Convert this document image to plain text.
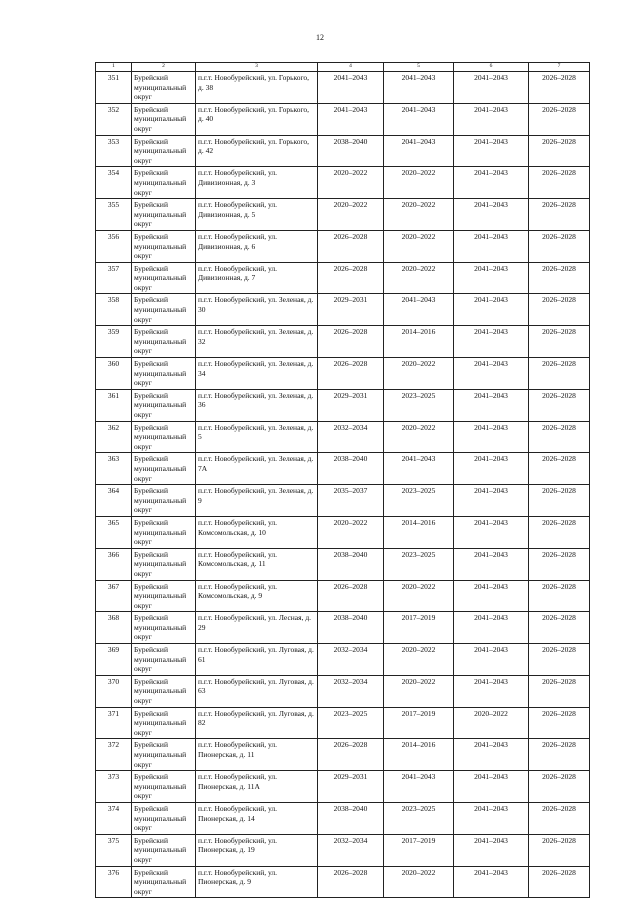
12
1	2	3	4	5	6	7
351	Бурейский муниципальный округ	п.г.т. Новобурейский, ул. Горького, д. 38	2041–2043	2041–2043	2041–2043	2026–2028
352	Бурейский муниципальный округ	п.г.т. Новобурейский, ул. Горького, д. 40	2041–2043	2041–2043	2041–2043	2026–2028
353	Бурейский муниципальный округ	п.г.т. Новобурейский, ул. Горького, д. 42	2038–2040	2041–2043	2041–2043	2026–2028
354	Бурейский муниципальный округ	п.г.т. Новобурейский, ул. Дивизионная, д. 3	2020–2022	2020–2022	2041–2043	2026–2028
355	Бурейский муниципальный округ	п.г.т. Новобурейский, ул. Дивизионная, д. 5	2020–2022	2020–2022	2041–2043	2026–2028
356	Бурейский муниципальный округ	п.г.т. Новобурейский, ул. Дивизионная, д. 6	2026–2028	2020–2022	2041–2043	2026–2028
357	Бурейский муниципальный округ	п.г.т. Новобурейский, ул. Дивизионная, д. 7	2026–2028	2020–2022	2041–2043	2026–2028
358	Бурейский муниципальный округ	п.г.т. Новобурейский, ул. Зеленая, д. 30	2029–2031	2041–2043	2041–2043	2026–2028
359	Бурейский муниципальный округ	п.г.т. Новобурейский, ул. Зеленая, д. 32	2026–2028	2014–2016	2041–2043	2026–2028
360	Бурейский муниципальный округ	п.г.т. Новобурейский, ул. Зеленая, д. 34	2026–2028	2020–2022	2041–2043	2026–2028
361	Бурейский муниципальный округ	п.г.т. Новобурейский, ул. Зеленая, д. 36	2029–2031	2023–2025	2041–2043	2026–2028
362	Бурейский муниципальный округ	п.г.т. Новобурейский, ул. Зеленая, д. 5	2032–2034	2020–2022	2041–2043	2026–2028
363	Бурейский муниципальный округ	п.г.т. Новобурейский, ул. Зеленая, д. 7А	2038–2040	2041–2043	2041–2043	2026–2028
364	Бурейский муниципальный округ	п.г.т. Новобурейский, ул. Зеленая, д. 9	2035–2037	2023–2025	2041–2043	2026–2028
365	Бурейский муниципальный округ	п.г.т. Новобурейский, ул. Комсомольская, д. 10	2020–2022	2014–2016	2041–2043	2026–2028
366	Бурейский муниципальный округ	п.г.т. Новобурейский, ул. Комсомольская, д. 11	2038–2040	2023–2025	2041–2043	2026–2028
367	Бурейский муниципальный округ	п.г.т. Новобурейский, ул. Комсомольская, д. 9	2026–2028	2020–2022	2041–2043	2026–2028
368	Бурейский муниципальный округ	п.г.т. Новобурейский, ул. Лесная, д. 29	2038–2040	2017–2019	2041–2043	2026–2028
369	Бурейский муниципальный округ	п.г.т. Новобурейский, ул. Луговая, д. 61	2032–2034	2020–2022	2041–2043	2026–2028
370	Бурейский муниципальный округ	п.г.т. Новобурейский, ул. Луговая, д. 63	2032–2034	2020–2022	2041–2043	2026–2028
371	Бурейский муниципальный округ	п.г.т. Новобурейский, ул. Луговая, д. 82	2023–2025	2017–2019	2020–2022	2026–2028
372	Бурейский муниципальный округ	п.г.т. Новобурейский, ул. Пионерская, д. 11	2026–2028	2014–2016	2041–2043	2026–2028
373	Бурейский муниципальный округ	п.г.т. Новобурейский, ул. Пионерская, д. 11А	2029–2031	2041–2043	2041–2043	2026–2028
374	Бурейский муниципальный округ	п.г.т. Новобурейский, ул. Пионерская, д. 14	2038–2040	2023–2025	2041–2043	2026–2028
375	Бурейский муниципальный округ	п.г.т. Новобурейский, ул. Пионерская, д. 19	2032–2034	2017–2019	2041–2043	2026–2028
376	Бурейский муниципальный округ	п.г.т. Новобурейский, ул. Пионерская, д. 9	2026–2028	2020–2022	2041–2043	2026–2028
